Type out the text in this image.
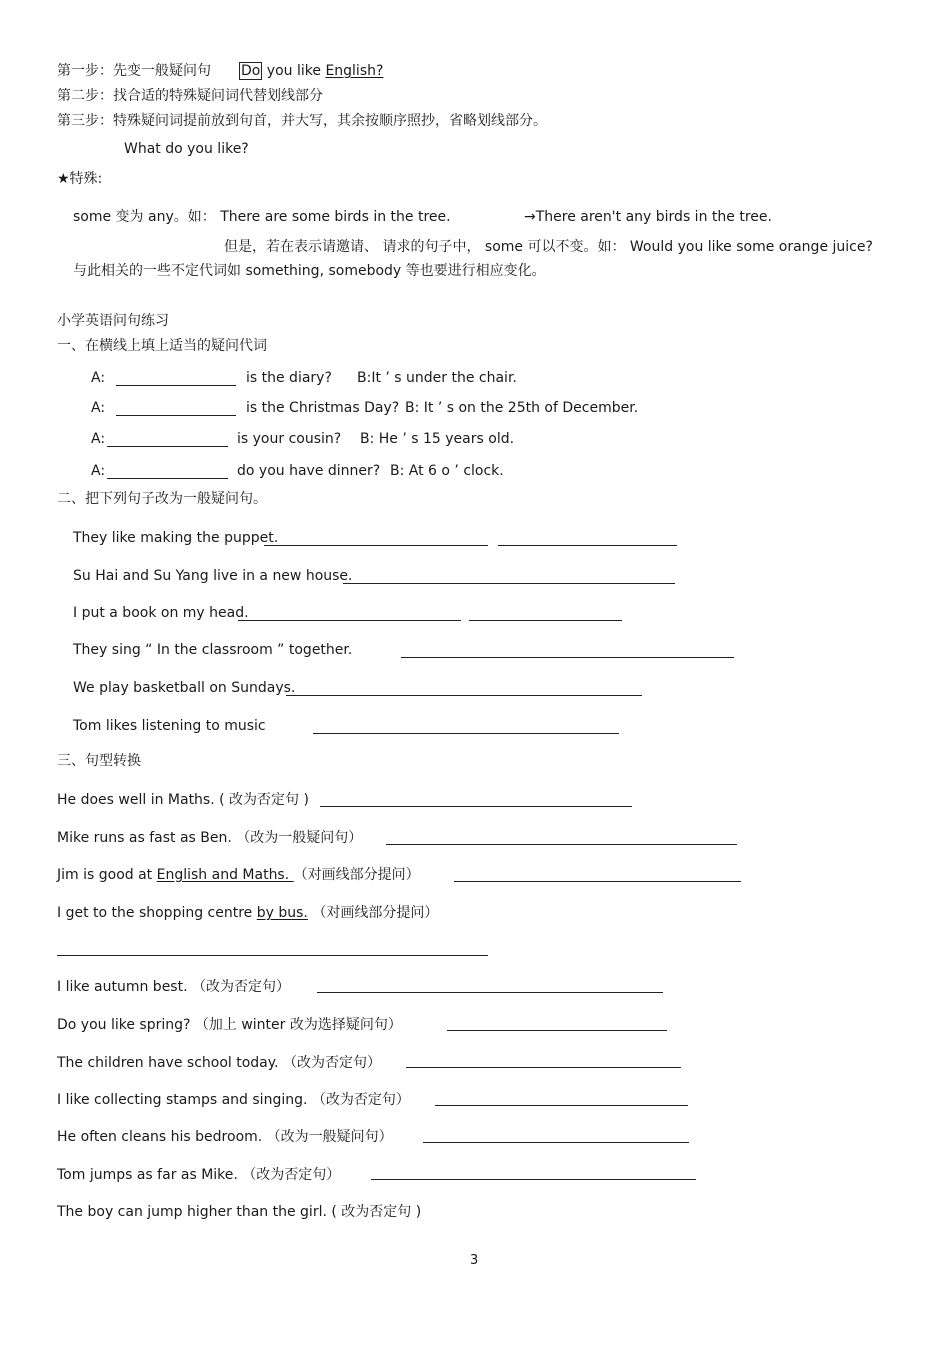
第一步：先变一般疑问句 Do you like English?
第二步：找合适的特殊疑问词代替划线部分
第三步：特殊疑问词提前放到句首，并大写，其余按顺序照抄，省略划线部分。
What do you like?
★特殊:
some 变为 any。如： There are some birds in the tree.	→There aren't any birds in the tree.
但是，若在表示请邀请、 请求的句子中， some 可以不变。如： Would you like some orange juice?
与此相关的一些不定代词如 something, somebody 等也要进行相应变化。
小学英语问句练习
一、在横线上填上适当的疑问代词
A:	is the diary? B:It ’ s under the chair.
A:	is the Christmas Day? B: It ’ s on the 25th of December.
A:	is your cousin? B: He ’ s 15 years old.
A:	do you have dinner? B: At 6 o ’ clock.
二、把下列句子改为一般疑问句。
They like making the puppet.
Su Hai and Su Yang live in a new house.
I put a book on my head.
They sing “ In the classroom ” together.
We play basketball on Sundays.
Tom likes listening to music
三、句型转换
He does well in Maths. ( 改为否定句 )
Mike runs as fast as Ben. （改为一般疑问句）
Jim is good at English and Maths. （对画线部分提问）
I get to the shopping centre by bus. （对画线部分提问）
I like autumn best. （改为否定句）
Do you like spring? （加上 winter 改为选择疑问句）
The children have school today. （改为否定句）
I like collecting stamps and singing. （改为否定句）
He often cleans his bedroom. （改为一般疑问句）
Tom jumps as far as Mike. （改为否定句）
The boy can jump higher than the girl. ( 改为否定句 )
3
